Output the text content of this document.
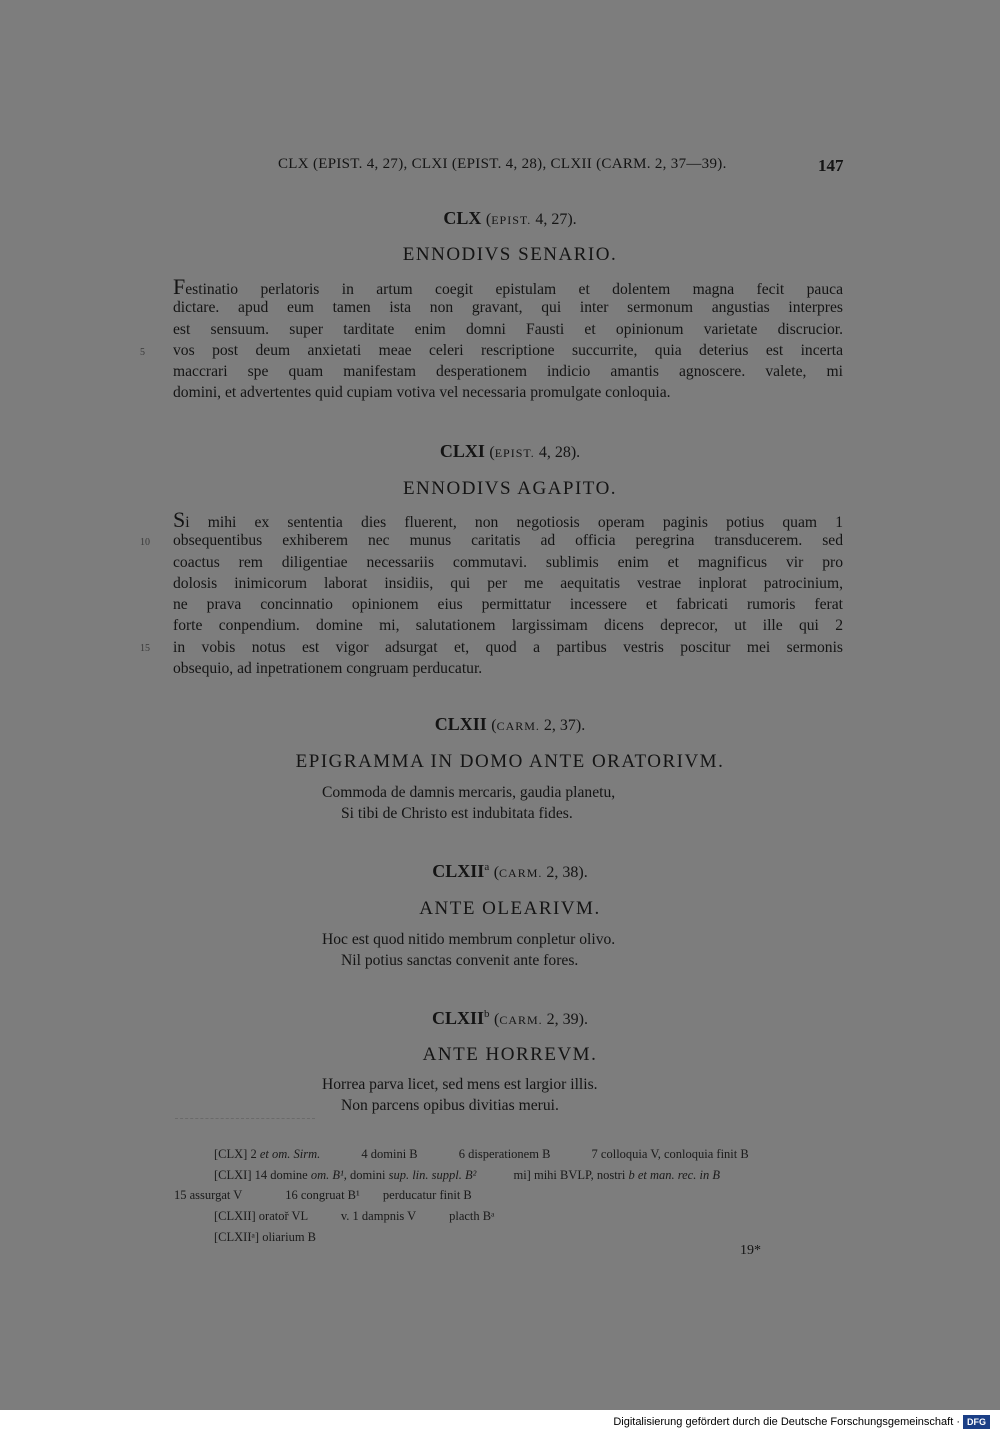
CLX (EPIST. 4, 27), CLXI (EPIST. 4, 28), CLXII (CARM. 2, 37—39).	147
CLX (EPIST. 4, 27).
ENNODIVS SENARIO.
Festinatio perlatoris in artum coegit epistulam et dolentem magna fecit pauca
dictare. apud eum tamen ista non gravant, qui inter sermonum angustias interpres
est sensuum. super tarditate enim domni Fausti et opinionum varietate discrucior.
vos post deum anxietati meae celeri rescriptione succurrite, quia deterius est incerta
maccrari spe quam manifestam desperationem indicio amantis agnoscere. valete, mi
domini, et advertentes quid cupiam votiva vel necessaria promulgate conloquia.
5
CLXI (EPIST. 4, 28).
ENNODIVS AGAPITO.
Si mihi ex sententia dies fluerent, non negotiosis operam paginis potius quam 1
obsequentibus exhiberem nec munus caritatis ad officia peregrina transducerem. sed
coactus rem diligentiae necessariis commutavi. sublimis enim et magnificus vir pro
dolosis inimicorum laborat insidiis, qui per me aequitatis vestrae inplorat patrocinium,
ne prava concinnatio opinionem eius permittatur incessere et fabricati rumoris ferat
forte conpendium. domine mi, salutationem largissimam dicens deprecor, ut ille qui 2
in vobis notus est vigor adsurgat et, quod a partibus vestris poscitur mei sermonis
obsequio, ad inpetrationem congruam perducatur.
10
15
CLXII (CARM. 2, 37).
EPIGRAMMA IN DOMO ANTE ORATORIVM.
Commoda de damnis mercaris, gaudia planetu,
Si tibi de Christo est indubitata fides.
CLXII$^a$ (CARM. 2, 38).
ANTE OLEARIVM.
Hoc est quod nitido membrum conpletur olivo.
Nil potius sanctas convenit ante fores.
CLXII$^b$ (CARM. 2, 39).
ANTE HORREVM.
Horrea parva licet, sed mens est largior illis.
Non parcens opibus divitias merui.
[CLX] 2 et om. Sirm.	4 domini B	6 disperationem B	7 colloquia V, conloquia finit B
[CLXI] 14 domine om. B¹, domini sup. lin. suppl. B²	mi] mihi BVLP, nostri b et man. rec. in B
15 assurgat V	16 congruat B¹ perducatur finit B
[CLXII] oratoř VL	v. 1 dampnis V	placth Bᵃ
[CLXIIᵃ] oliarium B
19*
Digitalisierung gefördert durch die Deutsche Forschungsgemeinschaft · DFG
